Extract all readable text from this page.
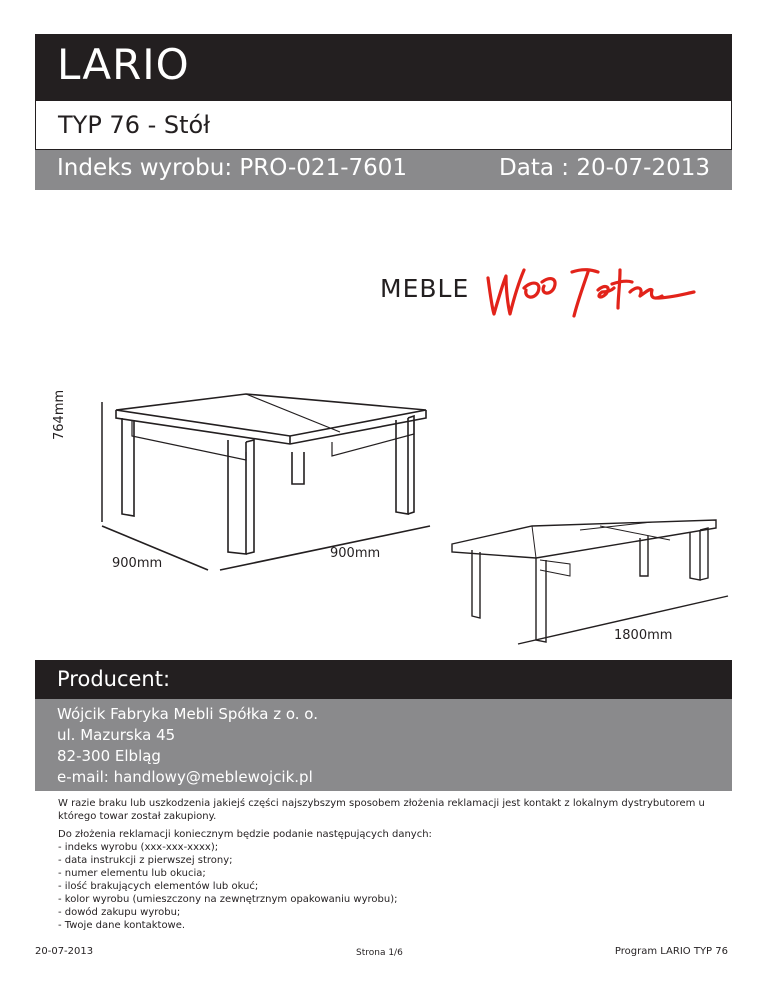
LARIO
TYP 76 - Stół
Indeks wyrobu: PRO-021-7601	Data : 20-07-2013
MEBLE
764mm
900mm
900mm
1800mm
Producent:
Wójcik Fabryka Mebli Spółka z o. o.
ul. Mazurska 45
82-300 Elbląg
e-mail: handlowy@meblewojcik.pl

W razie braku lub uszkodzenia jakiejś części najszybszym sposobem złożenia reklamacji jest kontakt z lokalnym dystrybutorem u którego towar został zakupiony.

Do złożenia reklamacji koniecznym będzie podanie następujących danych:
- indeks wyrobu (xxx-xxx-xxxx);
- data instrukcji z pierwszej strony;
- numer elementu lub okucia;
- ilość brakujących elementów lub okuć;
- kolor wyrobu (umieszczony na zewnętrznym opakowaniu wyrobu);
- dowód zakupu wyrobu;
- Twoje dane kontaktowe.
20-07-2013	Strona 1/6	Program LARIO TYP 76
